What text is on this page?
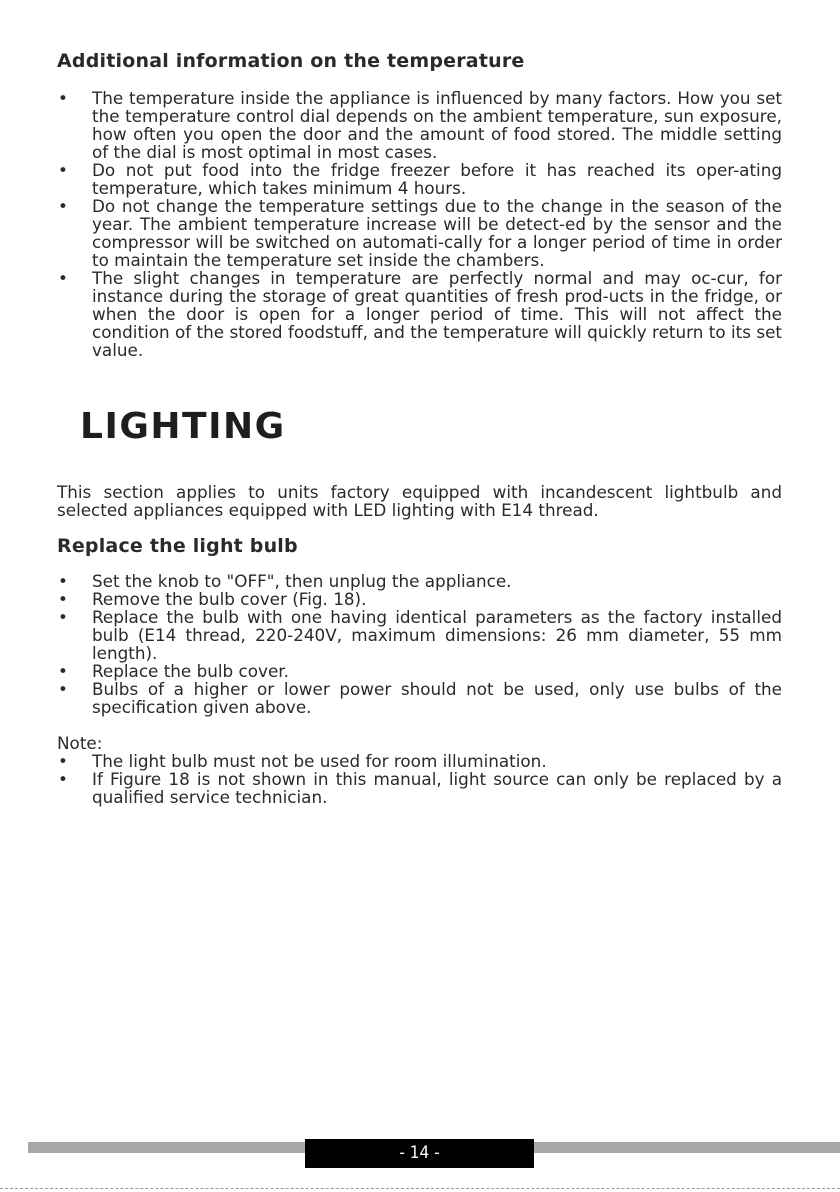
Additional information on the temperature
• The temperature inside the appliance is influenced by many factors. How you set the temperature control dial depends on the ambient temperature, sun exposure, how often you open the door and the amount of food stored. The middle setting of the dial is most optimal in most cases.
• Do not put food into the fridge freezer before it has reached its oper-ating temperature, which takes minimum 4 hours.
• Do not change the temperature settings due to the change in the season of the year. The ambient temperature increase will be detect-ed by the sensor and the compressor will be switched on automati-cally for a longer period of time in order to maintain the temperature set inside the chambers.
• The slight changes in temperature are perfectly normal and may oc-cur, for instance during the storage of great quantities of fresh prod-ucts in the fridge, or when the door is open for a longer period of time. This will not affect the condition of the stored foodstuff, and the temperature will quickly return to its set value.
LIGHTING

This section applies to units factory equipped with incandescent lightbulb and selected appliances equipped with LED lighting with E14 thread.

Replace the light bulb
• Set the knob to "OFF", then unplug the appliance.
• Remove the bulb cover (Fig. 18).
• Replace the bulb with one having identical parameters as the factory installed bulb (E14 thread, 220-240V, maximum dimensions: 26 mm diameter, 55 mm length).
• Replace the bulb cover.
• Bulbs of a higher or lower power should not be used, only use bulbs of the specification given above.

Note:

• The light bulb must not be used for room illumination.
• If Figure 18 is not shown in this manual, light source can only be replaced by a qualified service technician.
- 14 -
